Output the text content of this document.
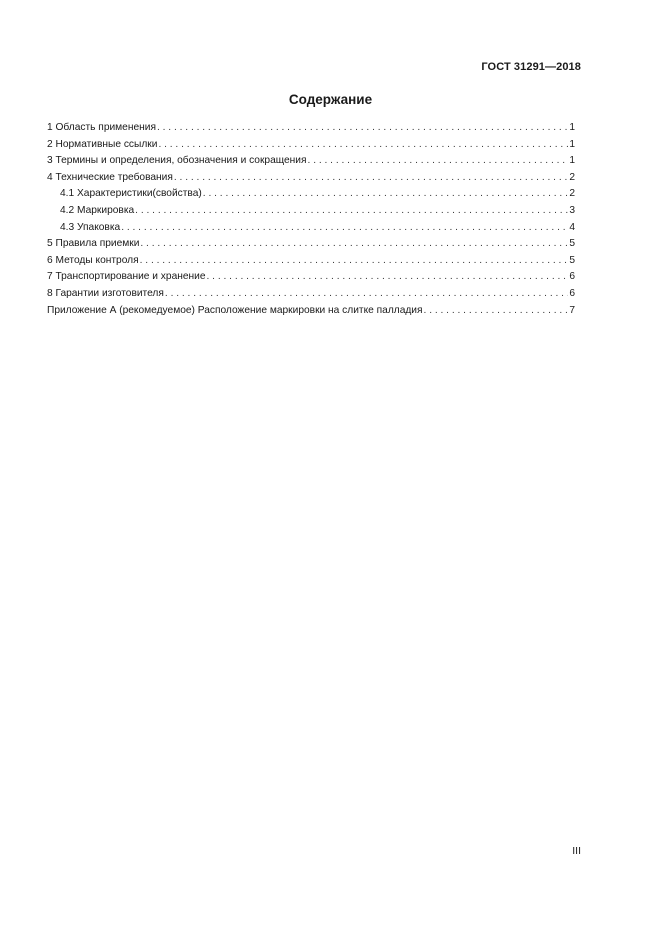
ГОСТ 31291—2018
Содержание
1 Область применения . . .	1
2 Нормативные ссылки . . .	1
3 Термины и определения, обозначения и сокращения . . .	1
4 Технические требования . . .	2
4.1 Характеристики(свойства) . . .	2
4.2 Маркировка . . .	3
4.3 Упаковка . . .	4
5 Правила приемки . . .	5
6 Методы контроля . . .	5
7 Транспортирование и хранение . . .	6
8 Гарантии изготовителя . . .	6
Приложение А (рекомедуемое) Расположение маркировки на слитке палладия . . .	7
III
